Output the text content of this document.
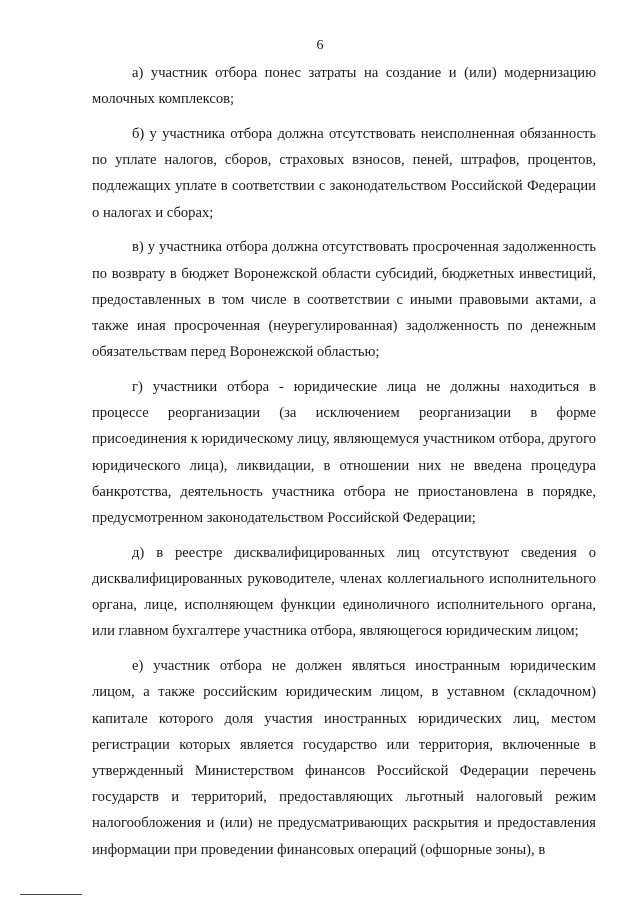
6

а) участник отбора понес затраты на создание и (или) модернизацию молочных комплексов;

б) у участника отбора должна отсутствовать неисполненная обязанность по уплате налогов, сборов, страховых взносов, пеней, штрафов, процентов, подлежащих уплате в соответствии с законодательством Российской Федерации о налогах и сборах;

в) у участника отбора должна отсутствовать просроченная задолженность по возврату в бюджет Воронежской области субсидий, бюджетных инвестиций, предоставленных в том числе в соответствии с иными правовыми актами, а также иная просроченная (неурегулированная) задолженность по денежным обязательствам перед Воронежской областью;

г) участники отбора - юридические лица не должны находиться в процессе реорганизации (за исключением реорганизации в форме присоединения к юридическому лицу, являющемуся участником отбора, другого юридического лица), ликвидации, в отношении них не введена процедура банкротства, деятельность участника отбора не приостановлена в порядке, предусмотренном законодательством Российской Федерации;

д) в реестре дисквалифицированных лиц отсутствуют сведения о дисквалифицированных руководителе, членах коллегиального исполнительного органа, лице, исполняющем функции единоличного исполнительного органа, или главном бухгалтере участника отбора, являющегося юридическим лицом;

е) участник отбора не должен являться иностранным юридическим лицом, а также российским юридическим лицом, в уставном (складочном) капитале которого доля участия иностранных юридических лиц, местом регистрации которых является государство или территория, включенные в утвержденный Министерством финансов Российской Федерации перечень государств и территорий, предоставляющих льготный налоговый режим налогообложения и (или) не предусматривающих раскрытия и предоставления информации при проведении финансовых операций (офшорные зоны), в
